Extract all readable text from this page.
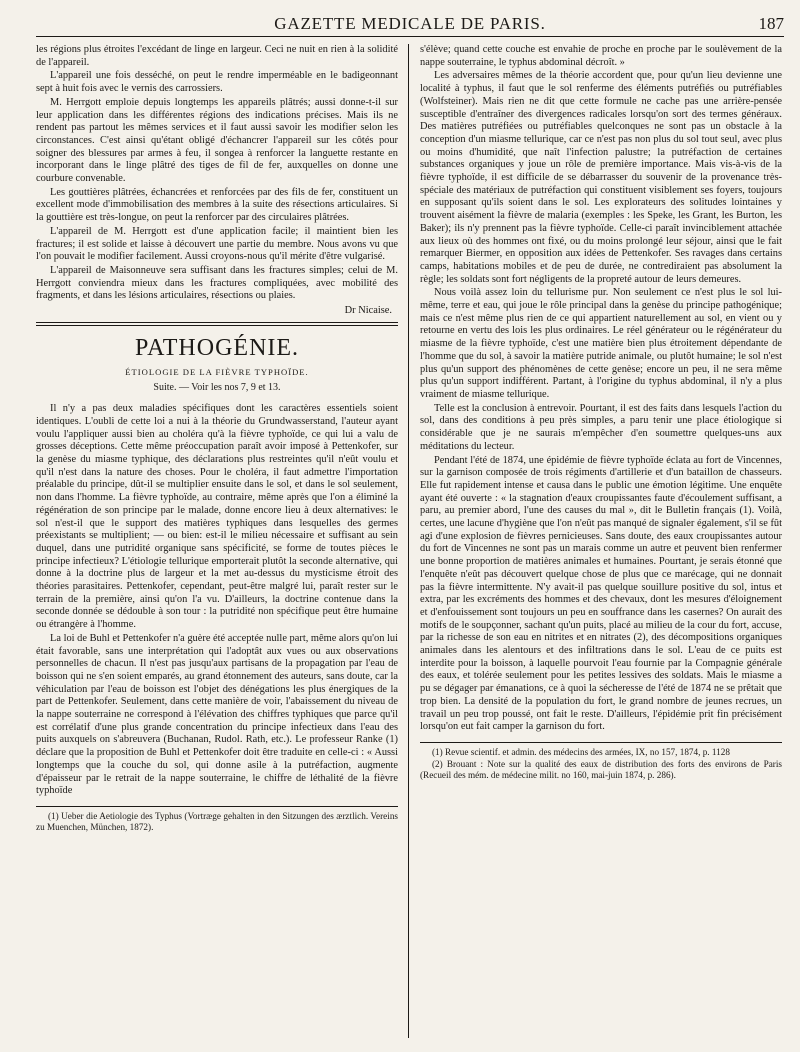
GAZETTE MEDICALE DE PARIS.	187

les régions plus étroites l'excédant de linge en largeur. Ceci ne nuit en rien à la solidité de l'appareil.

L'appareil une fois desséché, on peut le rendre imperméable en le badigeonnant sept à huit fois avec le vernis des carrossiers.

M. Herrgott emploie depuis longtemps les appareils plâtrés; aussi donne-t-il sur leur application dans les différentes régions des indications précises. Mais ils ne rendent pas partout les mêmes services et il faut aussi savoir les modifier selon les circonstances. C'est ainsi qu'étant obligé d'échancrer l'appareil sur les côtés pour soigner des blessures par armes à feu, il songea à renforcer la languette restante en incorporant dans le linge plâtré des tiges de fil de fer, auxquelles on donne une courbure convenable.

Les gouttières plâtrées, échancrées et renforcées par des fils de fer, constituent un excellent mode d'immobilisation des membres à la suite des résections articulaires. Si la gouttière est très-longue, on peut la renforcer par des circulaires plâtrées.

L'appareil de M. Herrgott est d'une application facile; il maintient bien les fractures; il est solide et laisse à découvert une partie du membre. Nous avons vu que l'on pouvait le modifier facilement. Aussi croyons-nous qu'il mérite d'être vulgarisé.

L'appareil de Maisonneuve sera suffisant dans les fractures simples; celui de M. Herrgott conviendra mieux dans les fractures compliquées, avec mobilité des fragments, et dans les lésions articulaires, résections ou plaies.

Dr Nicaise.
PATHOGÉNIE.
ÉTIOLOGIE DE LA FIÈVRE TYPHOÏDE.
Suite. — Voir les nos 7, 9 et 13.

Il n'y a pas deux maladies spécifiques dont les caractères essentiels soient identiques. L'oubli de cette loi a nui à la théorie du Grundwasserstand, l'auteur ayant voulu l'appliquer aussi bien au choléra qu'à la fièvre typhoïde, ce qui lui a valu de grosses déceptions. Cette même préoccupation paraît avoir imposé à Pettenkofer, sur la genèse du miasme typhique, des déclarations plus restreintes qu'il n'eût voulu et qu'il n'est dans la nature des choses. Pour le choléra, il faut admettre l'importation préalable du principe, dût-il se multiplier ensuite dans le sol, et dans le sol seulement, non dans l'homme. La fièvre typhoïde, au contraire, même après que l'on a éliminé la régénération de son principe par le malade, donne encore lieu à deux alternatives: le sol n'est-il que le support des matières typhiques dans lesquelles des germes préexistants se multiplient; — ou bien: est-il le milieu nécessaire et suffisant au sein duquel, dans une putridité organique sans spécificité, se forme de toutes pièces le principe infectieux? L'étiologie tellurique emporterait plutôt la seconde alternative, qui donne à la doctrine plus de largeur et la met au-dessus du mysticisme étroit des théories parasitaires. Pettenkofer, cependant, peut-être malgré lui, paraît rester sur le terrain de la première, ainsi qu'on l'a vu. D'ailleurs, la doctrine contenue dans la seconde donnée se dédouble à son tour : la putridité non spécifique peut être humaine ou étrangère à l'homme.

La loi de Buhl et Pettenkofer n'a guère été acceptée nulle part, même alors qu'on lui était favorable, sans une interprétation qui l'adoptât aux vues ou aux observations personnelles de chacun. Il n'est pas jusqu'aux partisans de la propagation par l'eau de boisson qui ne s'en soient emparés, au grand étonnement des auteurs, sans doute, car la véhiculation par l'eau de boisson est l'objet des dénégations les plus énergiques de la part de Pettenkofer. Seulement, dans cette manière de voir, l'abaissement du niveau de la nappe souterraine ne correspond à l'élévation des chiffres typhiques que parce qu'il est corrélatif d'une plus grande concentration du principe infectieux dans l'eau des puits auxquels on s'abreuvera (Buchanan, Rudol. Rath, etc.). Le professeur Ranke (1) déclare que la proposition de Buhl et Pettenkofer doit être traduite en celle-ci : « Aussi longtemps que la couche du sol, qui donne asile à la putréfaction, augmente d'épaisseur par le retrait de la nappe souterraine, le chiffre de léthalité de la fièvre typhoïde

(1) Ueber die Aetiologie des Typhus (Vortræge gehalten in den Sitzungen des ærztlich. Vereins zu Muenchen, München, 1872).

s'élève; quand cette couche est envahie de proche en proche par le soulèvement de la nappe souterraine, le typhus abdominal décroît. »

Les adversaires mêmes de la théorie accordent que, pour qu'un lieu devienne une localité à typhus, il faut que le sol renferme des éléments putréfiés ou putréfiables (Wolfsteiner). Mais rien ne dit que cette formule ne cache pas une arrière-pensée susceptible d'entraîner des divergences radicales lorsqu'on sort des termes généraux. Des matières putréfiées ou putréfiables quelconques ne sont pas un obstacle à la conception d'un miasme tellurique, car ce n'est pas non plus du sol tout seul, avec plus ou moins d'humidité, que naît l'infection palustre; la putréfaction de certaines substances organiques y joue un rôle de première importance. Mais vis-à-vis de la fièvre typhoïde, il est difficile de se débarrasser du souvenir de la provenance très-spéciale des matériaux de putréfaction qui constituent visiblement ses foyers, toujours en supposant qu'ils soient dans le sol. Les explorateurs des solitudes lointaines y trouvent aisément la fièvre de malaria (exemples : les Speke, les Grant, les Burton, les Baker); ils n'y prennent pas la fièvre typhoïde. Celle-ci paraît invinciblement attachée aux lieux où des hommes ont fixé, ou du moins prolongé leur séjour, ainsi que le fait remarquer Biermer, en opposition aux idées de Pettenkofer. Ses ravages dans certains camps, habitations mobiles et de peu de durée, ne contrediraient pas absolument la règle; les soldats sont fort négligents de la propreté autour de leurs demeures.

Nous voilà assez loin du tellurisme pur. Non seulement ce n'est plus le sol lui-même, terre et eau, qui joue le rôle principal dans la genèse du principe pathogénique; mais ce n'est même plus rien de ce qui appartient naturellement au sol, en vient ou y retourne en vertu des lois les plus ordinaires. Le réel générateur ou le régénérateur du miasme de la fièvre typhoïde, c'est une matière bien plus étroitement dépendante de l'homme que du sol, à savoir la matière putride animale, ou plutôt humaine; le sol n'est plus qu'un support des phénomènes de cette genèse; encore un peu, il ne sera même plus qu'un support indifférent. Partant, à l'origine du typhus abdominal, il n'y a plus vraiment de miasme tellurique.

Telle est la conclusion à entrevoir. Pourtant, il est des faits dans lesquels l'action du sol, dans des conditions à peu près simples, a paru tenir une place étiologique si considérable que je ne saurais m'empêcher d'en soumettre quelques-uns aux méditations du lecteur.

Pendant l'été de 1874, une épidémie de fièvre typhoïde éclata au fort de Vincennes, sur la garnison composée de trois régiments d'artillerie et d'un bataillon de chasseurs. Elle fut rapidement intense et causa dans le public une émotion légitime. Une enquête ayant été ouverte : « la stagnation d'eaux croupissantes faute d'écoulement suffisant, a paru, au premier abord, l'une des causes du mal », dit le Bulletin français (1). Voilà, certes, une lacune d'hygiène que l'on n'eût pas manqué de signaler également, s'il se fût agi d'une explosion de fièvres pernicieuses. Sans doute, des eaux croupissantes autour du fort de Vincennes ne sont pas un marais comme un autre et peuvent bien renfermer une bonne proportion de matières animales et humaines. Pourtant, je serais étonné que l'enquête n'eût pas découvert quelque chose de plus que ce marécage, qui ne donnait pas la fièvre intermittente. N'y avait-il pas quelque souillure positive du sol, intus et extra, par les excréments des hommes et des chevaux, dont les mesures d'éloignement et d'enfouissement sont toujours un peu en souffrance dans les casernes? On aurait des motifs de le soupçonner, sachant qu'un puits, placé au milieu de la cour du fort, accuse, par la richesse de son eau en nitrites et en nitrates (2), des décompositions organiques animales dans les alentours et des infiltrations dans le sol. L'eau de ce puits est interdite pour la boisson, à laquelle pourvoit l'eau fournie par la Compagnie générale des eaux, et tolérée seulement pour les petites lessives des soldats. Mais le miasme a pu se dégager par émanations, ce à quoi la sécheresse de l'été de 1874 ne se prêtait que trop bien. La densité de la population du fort, le grand nombre de jeunes recrues, un travail un peu trop poussé, ont fait le reste. D'ailleurs, l'épidémie prit fin précisément lorsqu'on eut fait camper la garnison du fort.

(1) Revue scientif. et admin. des médecins des armées, IX, no 157, 1874, p. 1128

(2) Brouant : Note sur la qualité des eaux de distribution des forts des environs de Paris (Recueil des mém. de médecine milit. no 160, mai-juin 1874, p. 286).
